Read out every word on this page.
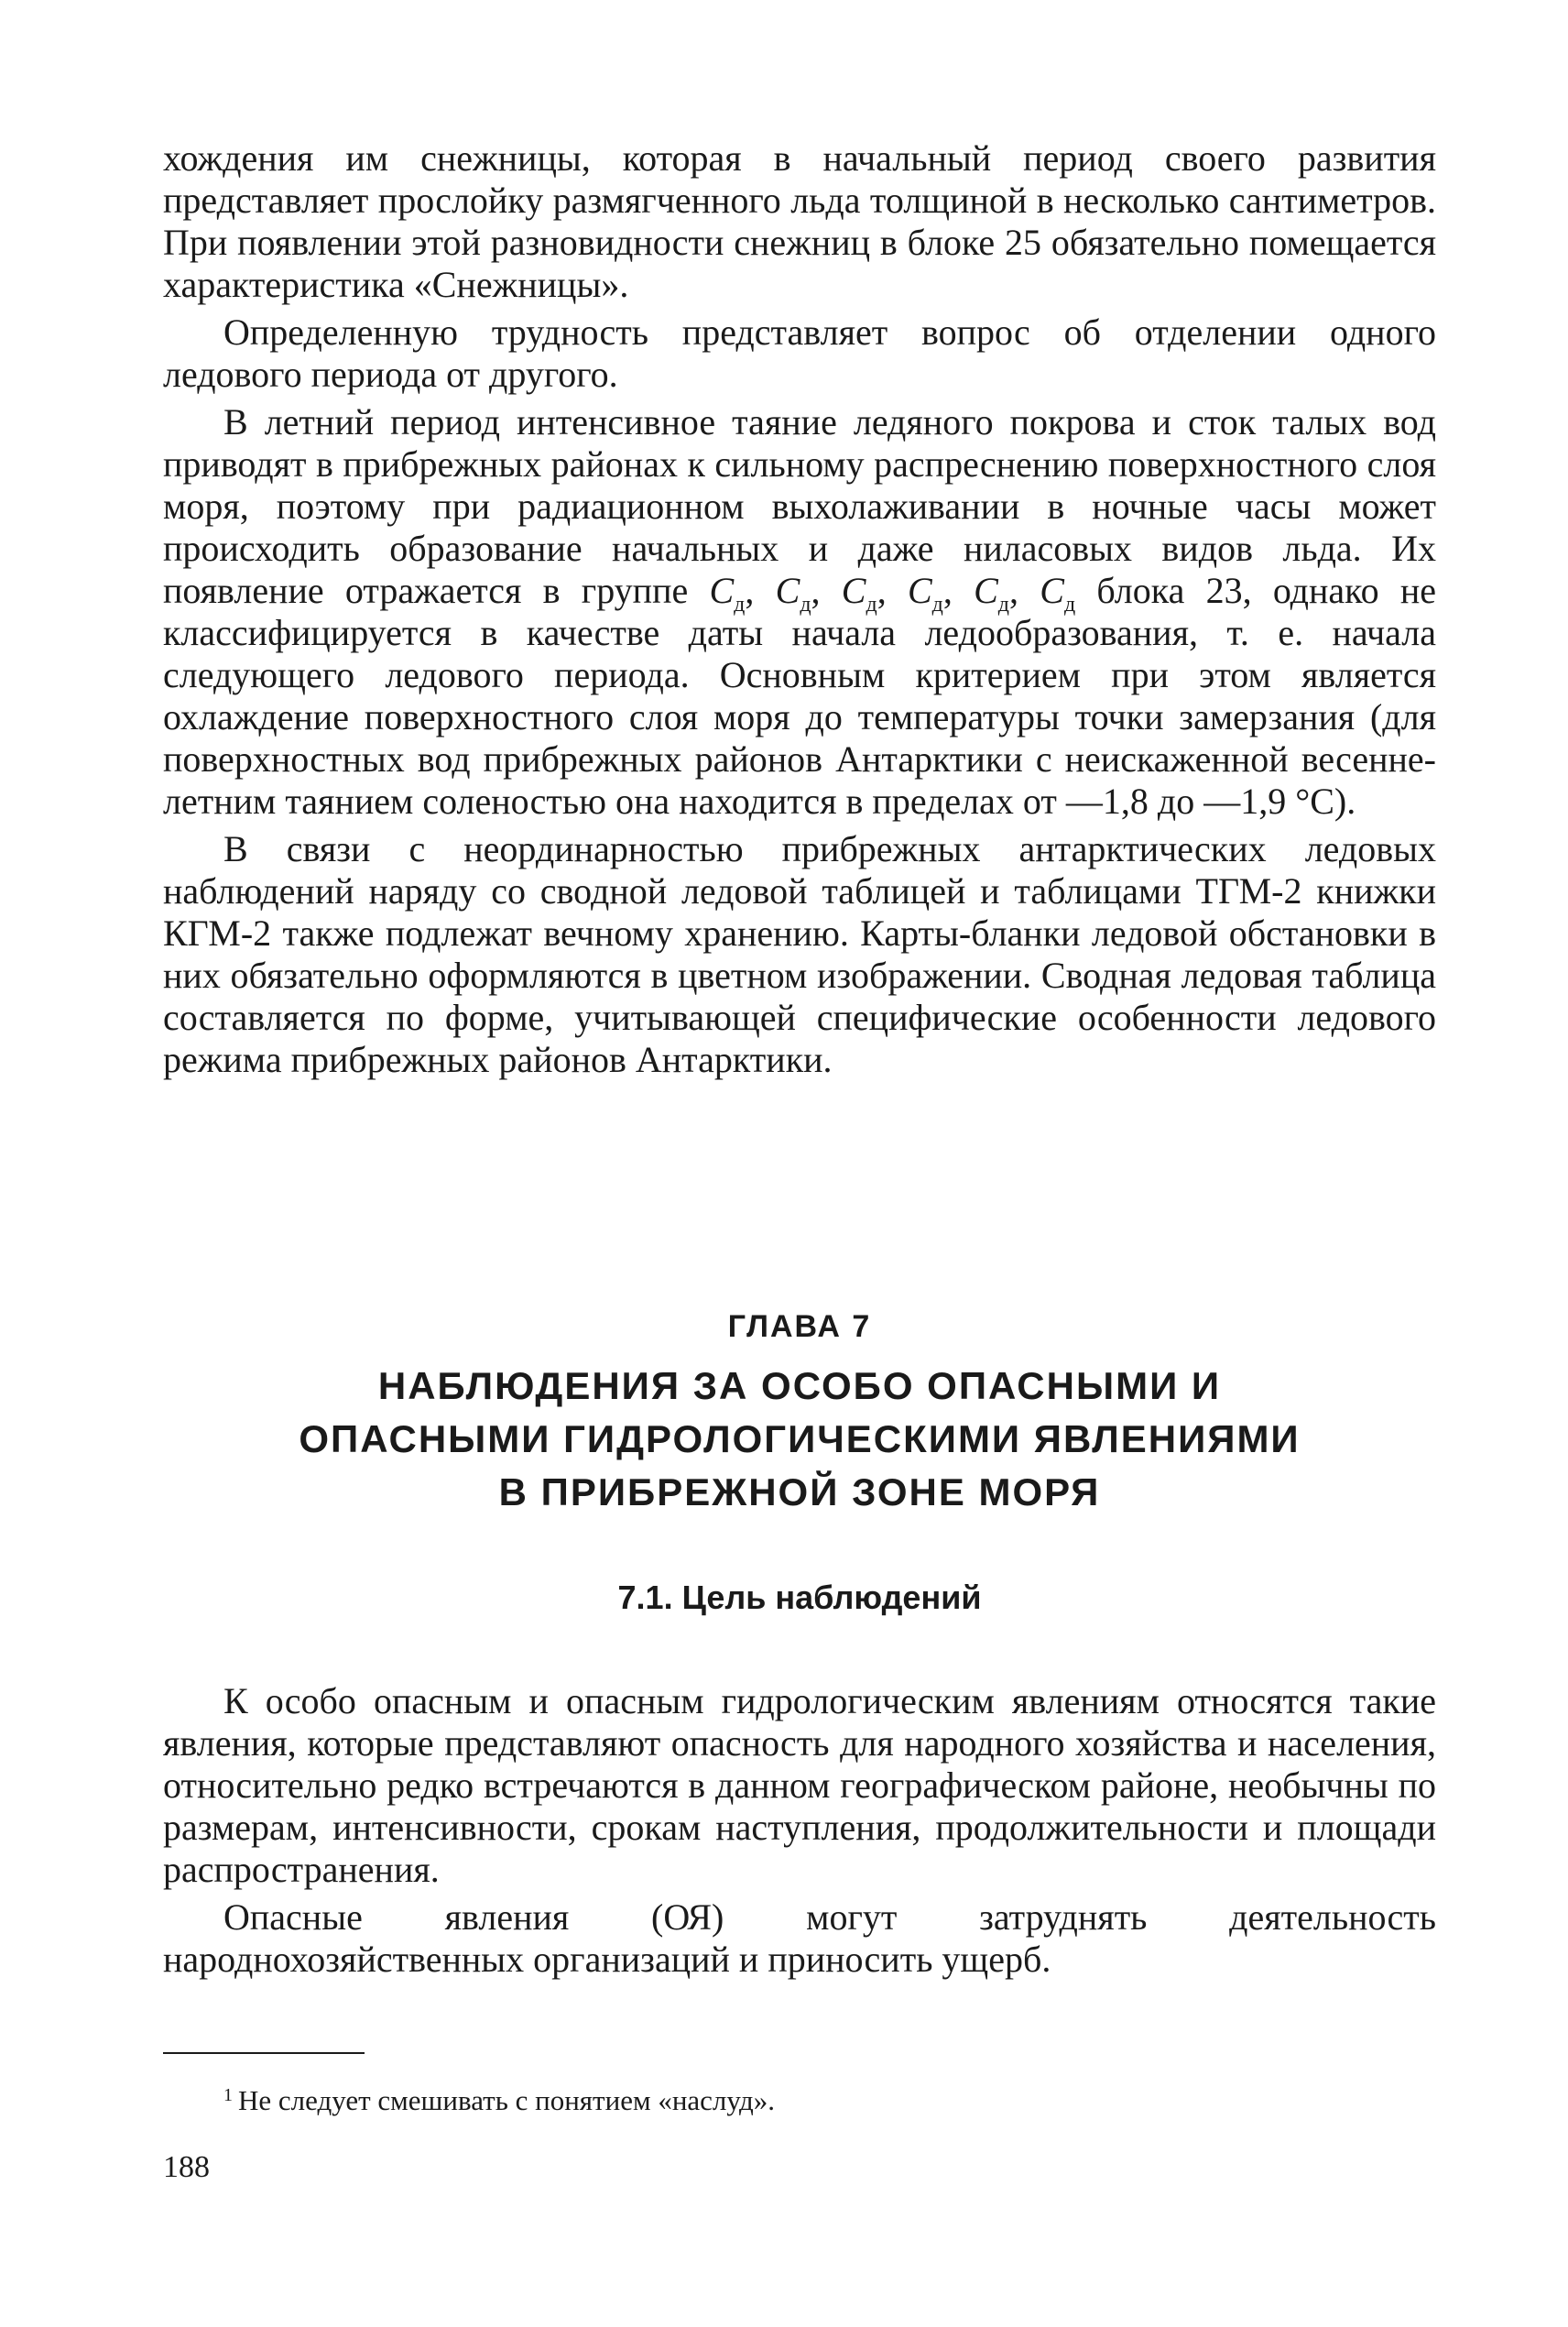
хождения им снежницы, которая в начальный период своего развития представляет прослойку размягченного льда толщиной в несколько сантиметров. При появлении этой разновидности снежниц в блоке 25 обязательно помещается характеристика «Снежницы».

Определенную трудность представляет вопрос об отделении одного ледового периода от другого.

В летний период интенсивное таяние ледяного покрова и сток талых вод приводят в прибрежных районах к сильному распреснению поверхностного слоя моря, поэтому при радиационном выхолаживании в ночные часы может происходить образование начальных и даже ниласовых видов льда. Их появление отражается в группе $C_д$, $C_д$, $C_д$, $C_д$, $C_д$, $C_д$ блока 23, однако не классифицируется в качестве даты начала ледообразования, т. е. начала следующего ледового периода. Основным критерием при этом является охлаждение поверхностного слоя моря до температуры точки замерзания (для поверхностных вод прибрежных районов Антарктики с неискаженной весенне-летним таянием соленостью она находится в пределах от —1,8 до —1,9 °C).

В связи с неординарностью прибрежных антарктических ледовых наблюдений наряду со сводной ледовой таблицей и таблицами ТГМ-2 книжки КГМ-2 также подлежат вечному хранению. Карты-бланки ледовой обстановки в них обязательно оформляются в цветном изображении. Сводная ледовая таблица составляется по форме, учитывающей специфические особенности ледового режима прибрежных районов Антарктики.

ГЛАВА 7
НАБЛЮДЕНИЯ ЗА ОСОБО ОПАСНЫМИ И
ОПАСНЫМИ ГИДРОЛОГИЧЕСКИМИ ЯВЛЕНИЯМИ
В ПРИБРЕЖНОЙ ЗОНЕ МОРЯ
7.1. Цель наблюдений

К особо опасным и опасным гидрологическим явлениям относятся такие явления, которые представляют опасность для народного хозяйства и населения, относительно редко встречаются в данном географическом районе, необычны по размерам, интенсивности, срокам наступления, продолжительности и площади распространения.

Опасные явления (ОЯ) могут затруднять деятельность народнохозяйственных организаций и приносить ущерб.

$^1$ Не следует смешивать с понятием «наслуд».
188
